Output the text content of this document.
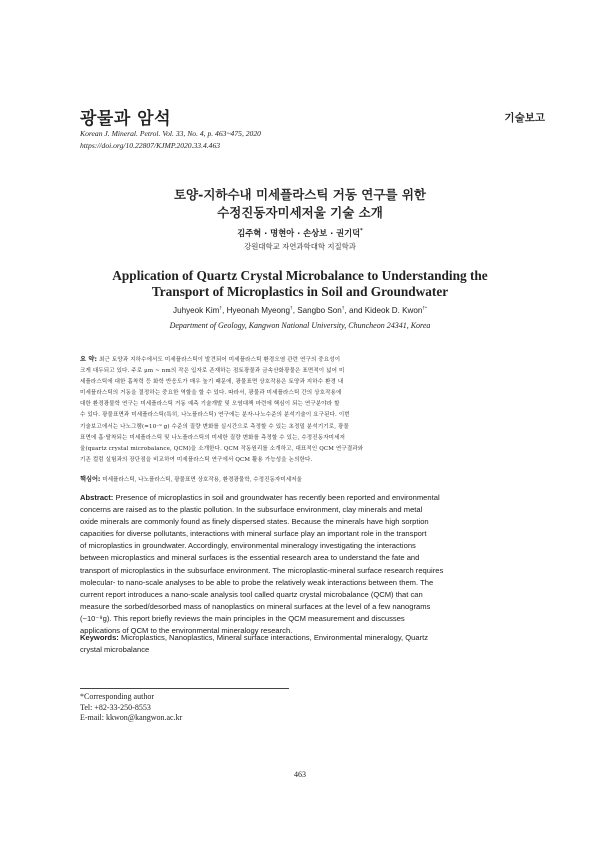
광물과 암석	기술보고
Korean J. Mineral. Petrol. Vol. 33, No. 4, p. 463~475, 2020
https://doi.org/10.22807/KJMP.2020.33.4.463
토양-지하수내 미세플라스틱 거동 연구를 위한
수정진동자미세저울 기술 소개
김주혁 · 명현아 · 손상보 · 권기덕*
강원대학교 자연과학대학 지질학과
Application of Quartz Crystal Microbalance to Understanding the
Transport of Microplastics in Soil and Groundwater
Juhyeok Kim†, Hyeonah Myeong†, Sangbo Son†, and Kideok D. Kwon†*
Department of Geology, Kangwon National University, Chuncheon 24341, Korea
요 약: 최근 토양과 지하수에서도 미세플라스틱이 발견되어 미세플라스틱 환경오염 관련 연구의 중요성이
크게 대두되고 있다. 주로 μm ~ nm의 작은 입자로 존재하는 점토광물과 금속산화광물은 표면적이 넓어 미
세플라스틱에 대한 흡착력 등 화학 반응도가 매우 높기 때문에, 광물표면 상호작용은 토양과 지하수 환경 내
미세플라스틱의 거동을 결정하는 중요한 역할을 할 수 있다. 따라서, 광물과 미세플라스틱 간의 상호작용에
대한 환경광물학 연구는 미세플라스틱 거동 예측 기술개발 및 오염대책 마련에 핵심이 되는 연구분야라 할
수 있다. 광물표면과 미세플라스틱(특히, 나노플라스틱) 연구에는 분자-나노수준의 분석기술이 요구된다. 이번
기술보고에서는 나노그램(=10⁻⁹ g) 수준의 질량 변화를 실시간으로 측정할 수 있는 초정밀 분석기기로, 광물
표면에 흡·탈착되는 미세플라스틱 및 나노플라스틱의 미세한 질량 변화를 측정할 수 있는, 수정진동자미세저
울(quartz crystal microbalance, QCM)을 소개한다. QCM 작동원리를 소개하고, 대표적인 QCM 연구결과와
기존 컬럼 실험과의 장단점을 비교하여 미세플라스틱 연구에서 QCM 활용 가능성을 논의한다.
핵심어: 미세플라스틱, 나노플라스틱, 광물표면 상호작용, 환경광물학, 수정진동자미세저울
Abstract: Presence of microplastics in soil and groundwater has recently been reported and environmental
concerns are raised as to the plastic pollution. In the subsurface environment, clay minerals and metal
oxide minerals are commonly found as finely dispersed states. Because the minerals have high sorption
capacities for diverse pollutants, interactions with mineral surface play an important role in the transport
of microplastics in groundwater. Accordingly, environmental mineralogy investigating the interactions
between microplastics and mineral surfaces is the essential research area to understand the fate and
transport of microplastics in the subsurface environment. The microplastic-mineral surface research requires
molecular- to nano-scale analyses to be able to probe the relatively weak interactions between them. The
current report introduces a nano-scale analysis tool called quartz crystal microbalance (QCM) that can
measure the sorbed/desorbed mass of nanoplastics on mineral surfaces at the level of a few nanograms
(~10⁻⁹g). This report briefly reviews the main principles in the QCM measurement and discusses
applications of QCM to the environmental mineralogy research.
Keywords: Microplastics, Nanoplastics, Mineral surface interactions, Environmental mineralogy, Quartz
crystal microbalance
*Corresponding author
Tel: +82-33-250-8553
E-mail: kkwon@kangwon.ac.kr
463
